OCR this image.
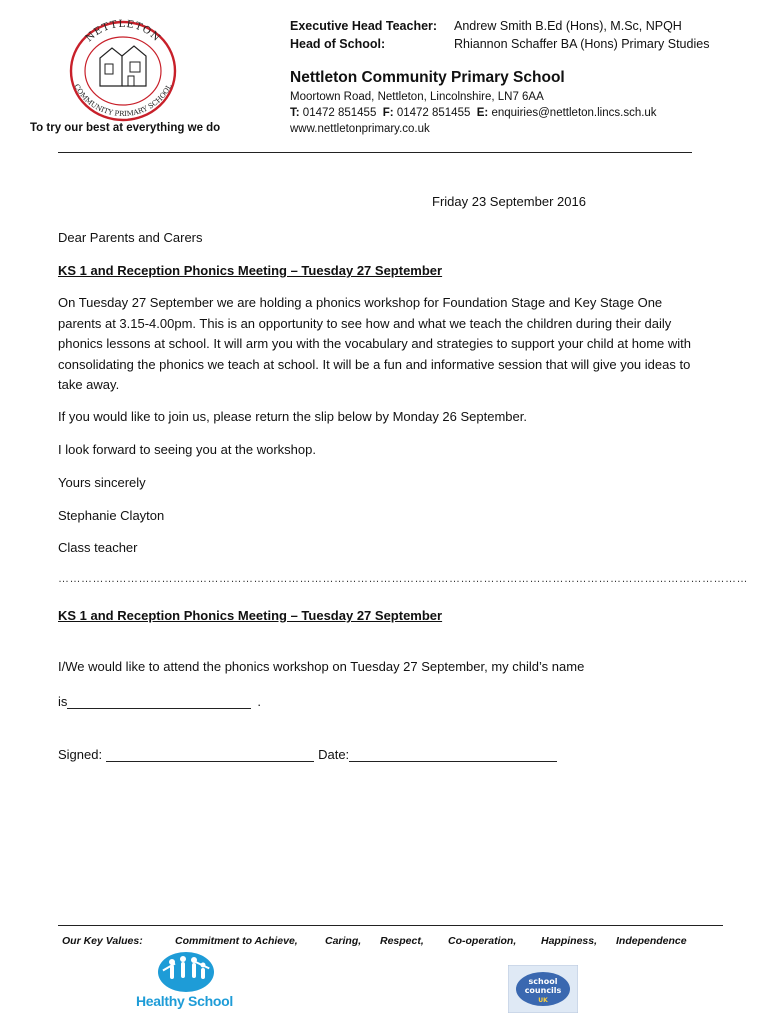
NETTLETON
COMMUNITY PRIMARY SCHOOL
To try our best at everything we do
Executive Head Teacher:	Andrew Smith B.Ed (Hons), M.Sc, NPQH
Head of School:	Rhiannon Schaffer BA (Hons) Primary Studies
Nettleton Community Primary School
Moortown Road, Nettleton, Lincolnshire, LN7 6AA
T: 01472 851455 F: 01472 851455 E: enquiries@nettleton.lincs.sch.uk
www.nettletonprimary.co.uk
Friday 23 September 2016
Dear Parents and Carers
KS 1 and Reception Phonics Meeting – Tuesday 27 September
On Tuesday 27 September we are holding a phonics workshop for Foundation Stage and Key Stage One parents at 3.15-4.00pm. This is an opportunity to see how and what we teach the children during their daily phonics lessons at school. It will arm you with the vocabulary and strategies to support your child at home with consolidating the phonics we teach at school. It will be a fun and informative session that will give you ideas to take away.
If you would like to join us, please return the slip below by Monday 26 September.
I look forward to seeing you at the workshop.
Yours sincerely
Stephanie Clayton
Class teacher
………………………………………………………………………………………………………………………………………………………………
KS 1 and Reception Phonics Meeting – Tuesday 27 September
I/We would like to attend the phonics workshop on Tuesday 27 September, my child’s name
is	.
Signed:	Date:
Our Key Values:	Commitment to Achieve,	Caring, Respect, Co-operation, Happiness, Independence
Healthy School
school
councils
UK
